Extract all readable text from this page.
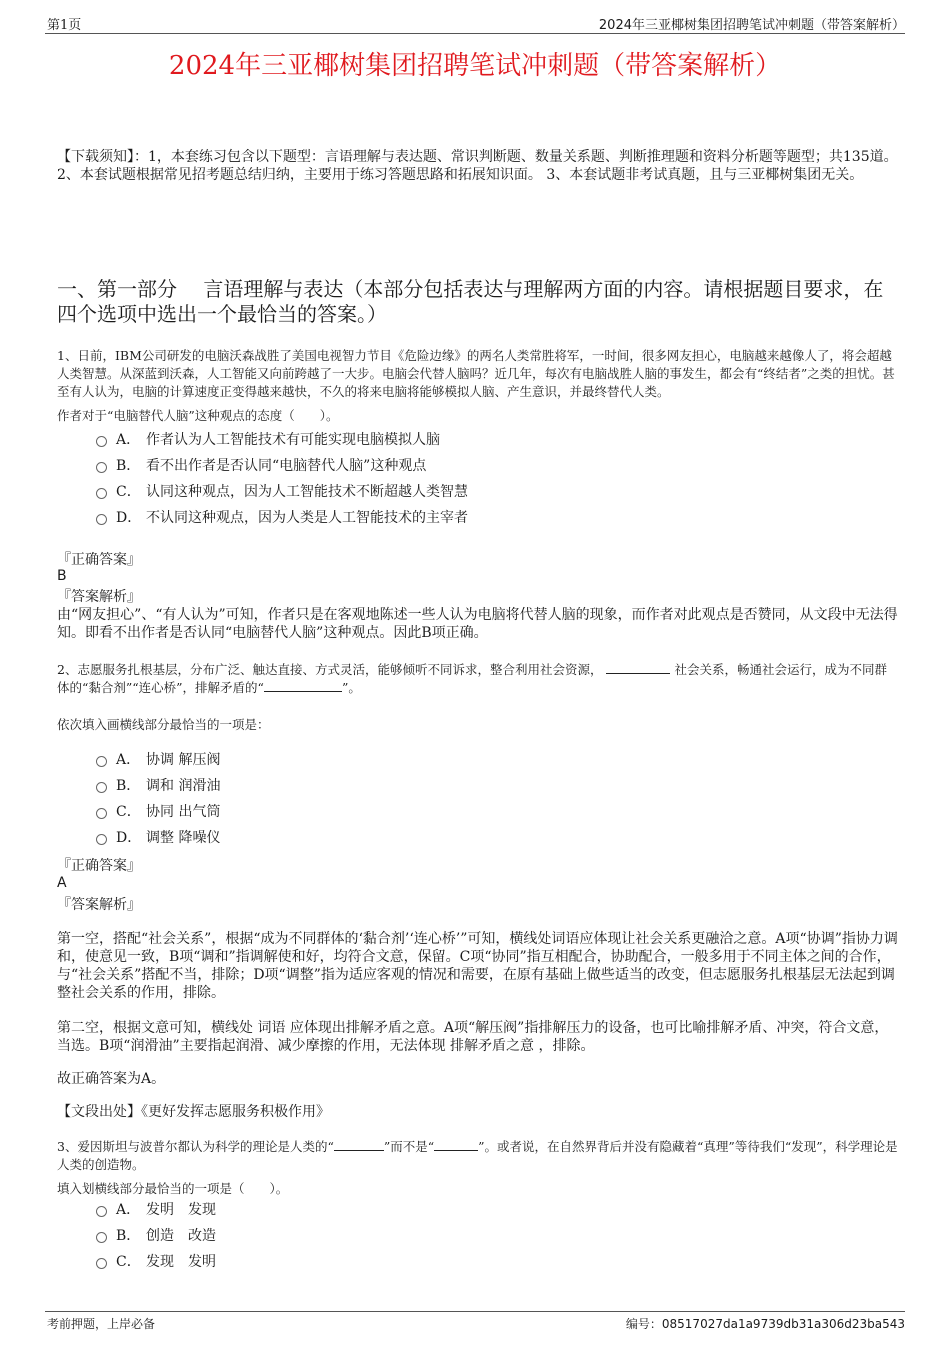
第1页	2024年三亚椰树集团招聘笔试冲刺题（带答案解析）
2024年三亚椰树集团招聘笔试冲刺题（带答案解析）
【下载须知】：1，本套练习包含以下题型：言语理解与表达题、常识判断题、数量关系题、判断推理题和资料分析题等题型；共135道。 2、本套试题根据常见招考题总结归纳，主要用于练习答题思路和拓展知识面。 3、本套试题非考试真题，且与三亚椰树集团无关。
一、第一部分　 言语理解与表达（本部分包括表达与理解两方面的内容。请根据题目要求，在四个选项中选出一个最恰当的答案。）
1、日前，IBM公司研发的电脑沃森战胜了美国电视智力节目《危险边缘》的两名人类常胜将军，一时间，很多网友担心，电脑越来越像人了，将会超越人类智慧。从深蓝到沃森，人工智能又向前跨越了一大步。电脑会代替人脑吗？近几年，每次有电脑战胜人脑的事发生，都会有“终结者”之类的担忧。甚至有人认为，电脑的计算速度正变得越来越快，不久的将来电脑将能够模拟人脑、产生意识，并最终替代人类。
作者对于“电脑替代人脑”这种观点的态度（　　）。
A． 作者认为人工智能技术有可能实现电脑模拟人脑
B． 看不出作者是否认同“电脑替代人脑”这种观点
C． 认同这种观点，因为人工智能技术不断超越人类智慧
D． 不认同这种观点，因为人类是人工智能技术的主宰者
『正确答案』
B
『答案解析』
由“网友担心”、“有人认为”可知，作者只是在客观地陈述一些人认为电脑将代替人脑的现象，而作者对此观点是否赞同，从文段中无法得知。即看不出作者是否认同“电脑替代人脑”这种观点。因此B项正确。
2、志愿服务扎根基层，分布广泛、触达直接、方式灵活，能够倾听不同诉求，整合利用社会资源，	社会关系，畅通社会运行，成为不同群体的“黏合剂”“连心桥”，排解矛盾的“	”。
依次填入画横线部分最恰当的一项是：
A． 协调 解压阀
B． 调和 润滑油
C． 协同 出气筒
D． 调整 降噪仪
『正确答案』
A
『答案解析』
第一空，搭配“社会关系”，根据“成为不同群体的‘黏合剂’‘连心桥’”可知，横线处词语应体现让社会关系更融洽之意。A项“协调”指协力调和，使意见一致，B项“调和”指调解使和好，均符合文意，保留。C项“协同”指互相配合，协助配合，一般多用于不同主体之间的合作，与“社会关系”搭配不当，排除；D项“调整”指为适应客观的情况和需要，在原有基础上做些适当的改变，但志愿服务扎根基层无法起到调整社会关系的作用，排除。
第二空，根据文意可知，横线处 词语 应体现出排解矛盾之意。A项“解压阀”指排解压力的设备，也可比喻排解矛盾、冲突，符合文意，当选。B项“润滑油”主要指起润滑、减少摩擦的作用，无法体现 排解矛盾之意 ，排除。
故正确答案为A。
【文段出处】《更好发挥志愿服务积极作用》
3、爱因斯坦与波普尔都认为科学的理论是人类的“	”而不是“	”。或者说，在自然界背后并没有隐藏着“真理”等待我们“发现”，科学理论是人类的创造物。
填入划横线部分最恰当的一项是（　　）。
A． 发明　发现
B． 创造　改造
C． 发现　发明
考前押题，上岸必备	编号：08517027da1a9739db31a306d23ba543
